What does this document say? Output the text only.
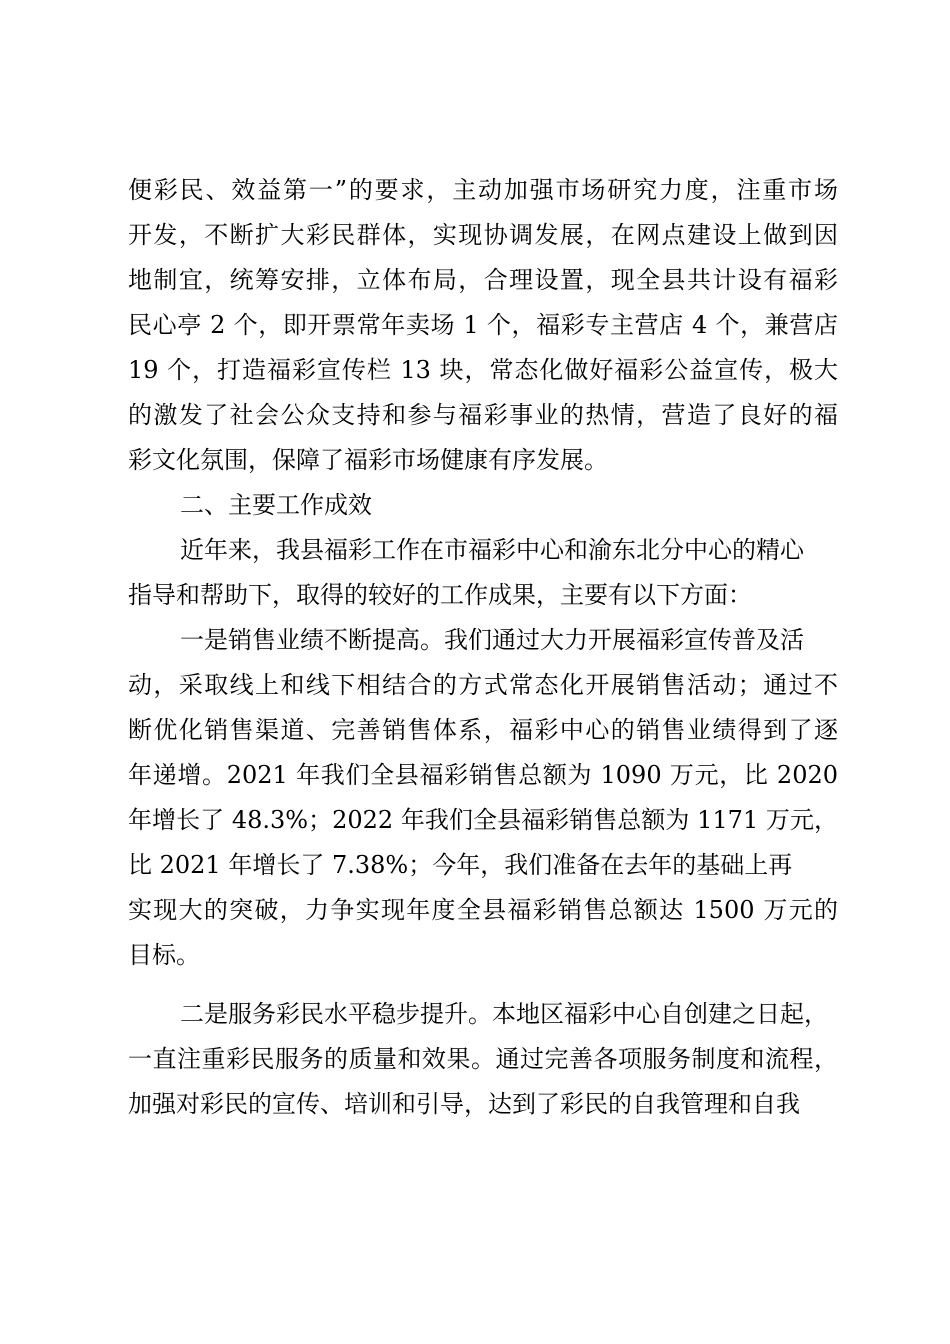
便彩民、效益第一”的要求，主动加强市场研究力度，注重市场
开发，不断扩大彩民群体，实现协调发展，在网点建设上做到因
地制宜，统筹安排，立体布局，合理设置，现全县共计设有福彩
民心亭 2 个，即开票常年卖场 1 个，福彩专主营店 4 个，兼营店
19 个，打造福彩宣传栏 13 块，常态化做好福彩公益宣传，极大
的激发了社会公众支持和参与福彩事业的热情，营造了良好的福
彩文化氛围，保障了福彩市场健康有序发展。
二、主要工作成效
近年来，我县福彩工作在市福彩中心和渝东北分中心的精心
指导和帮助下，取得的较好的工作成果，主要有以下方面：
一是销售业绩不断提高。我们通过大力开展福彩宣传普及活
动，采取线上和线下相结合的方式常态化开展销售活动；通过不
断优化销售渠道、完善销售体系，福彩中心的销售业绩得到了逐
年递增。2021 年我们全县福彩销售总额为 1090 万元，比 2020
年增长了 48.3%；2022 年我们全县福彩销售总额为 1171 万元，
比 2021 年增长了 7.38%；今年，我们准备在去年的基础上再
实现大的突破，力争实现年度全县福彩销售总额达 1500 万元的
目标。
二是服务彩民水平稳步提升。本地区福彩中心自创建之日起，
一直注重彩民服务的质量和效果。通过完善各项服务制度和流程，
加强对彩民的宣传、培训和引导，达到了彩民的自我管理和自我
